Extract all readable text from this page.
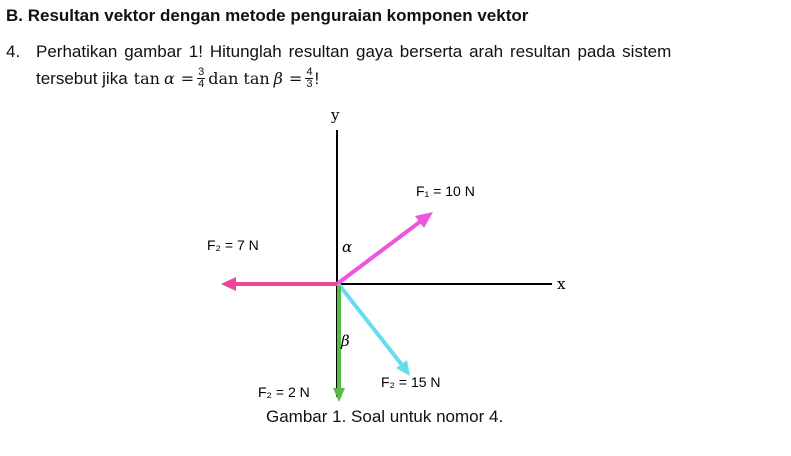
B. Resultan vektor dengan metode penguraian komponen vektor
4. Perhatikan gambar 1! Hitunglah resultan gaya berserta arah resultan pada sistem
tersebut jika $\tan \alpha = \frac{3}{4}$ dan $\tan \beta = \frac{4}{3}$ !
y
x
α
β
F₁ = 10 N
F₂ = 7 N
F₂ = 15 N
F₂ = 2 N
Gambar 1. Soal untuk nomor 4.
